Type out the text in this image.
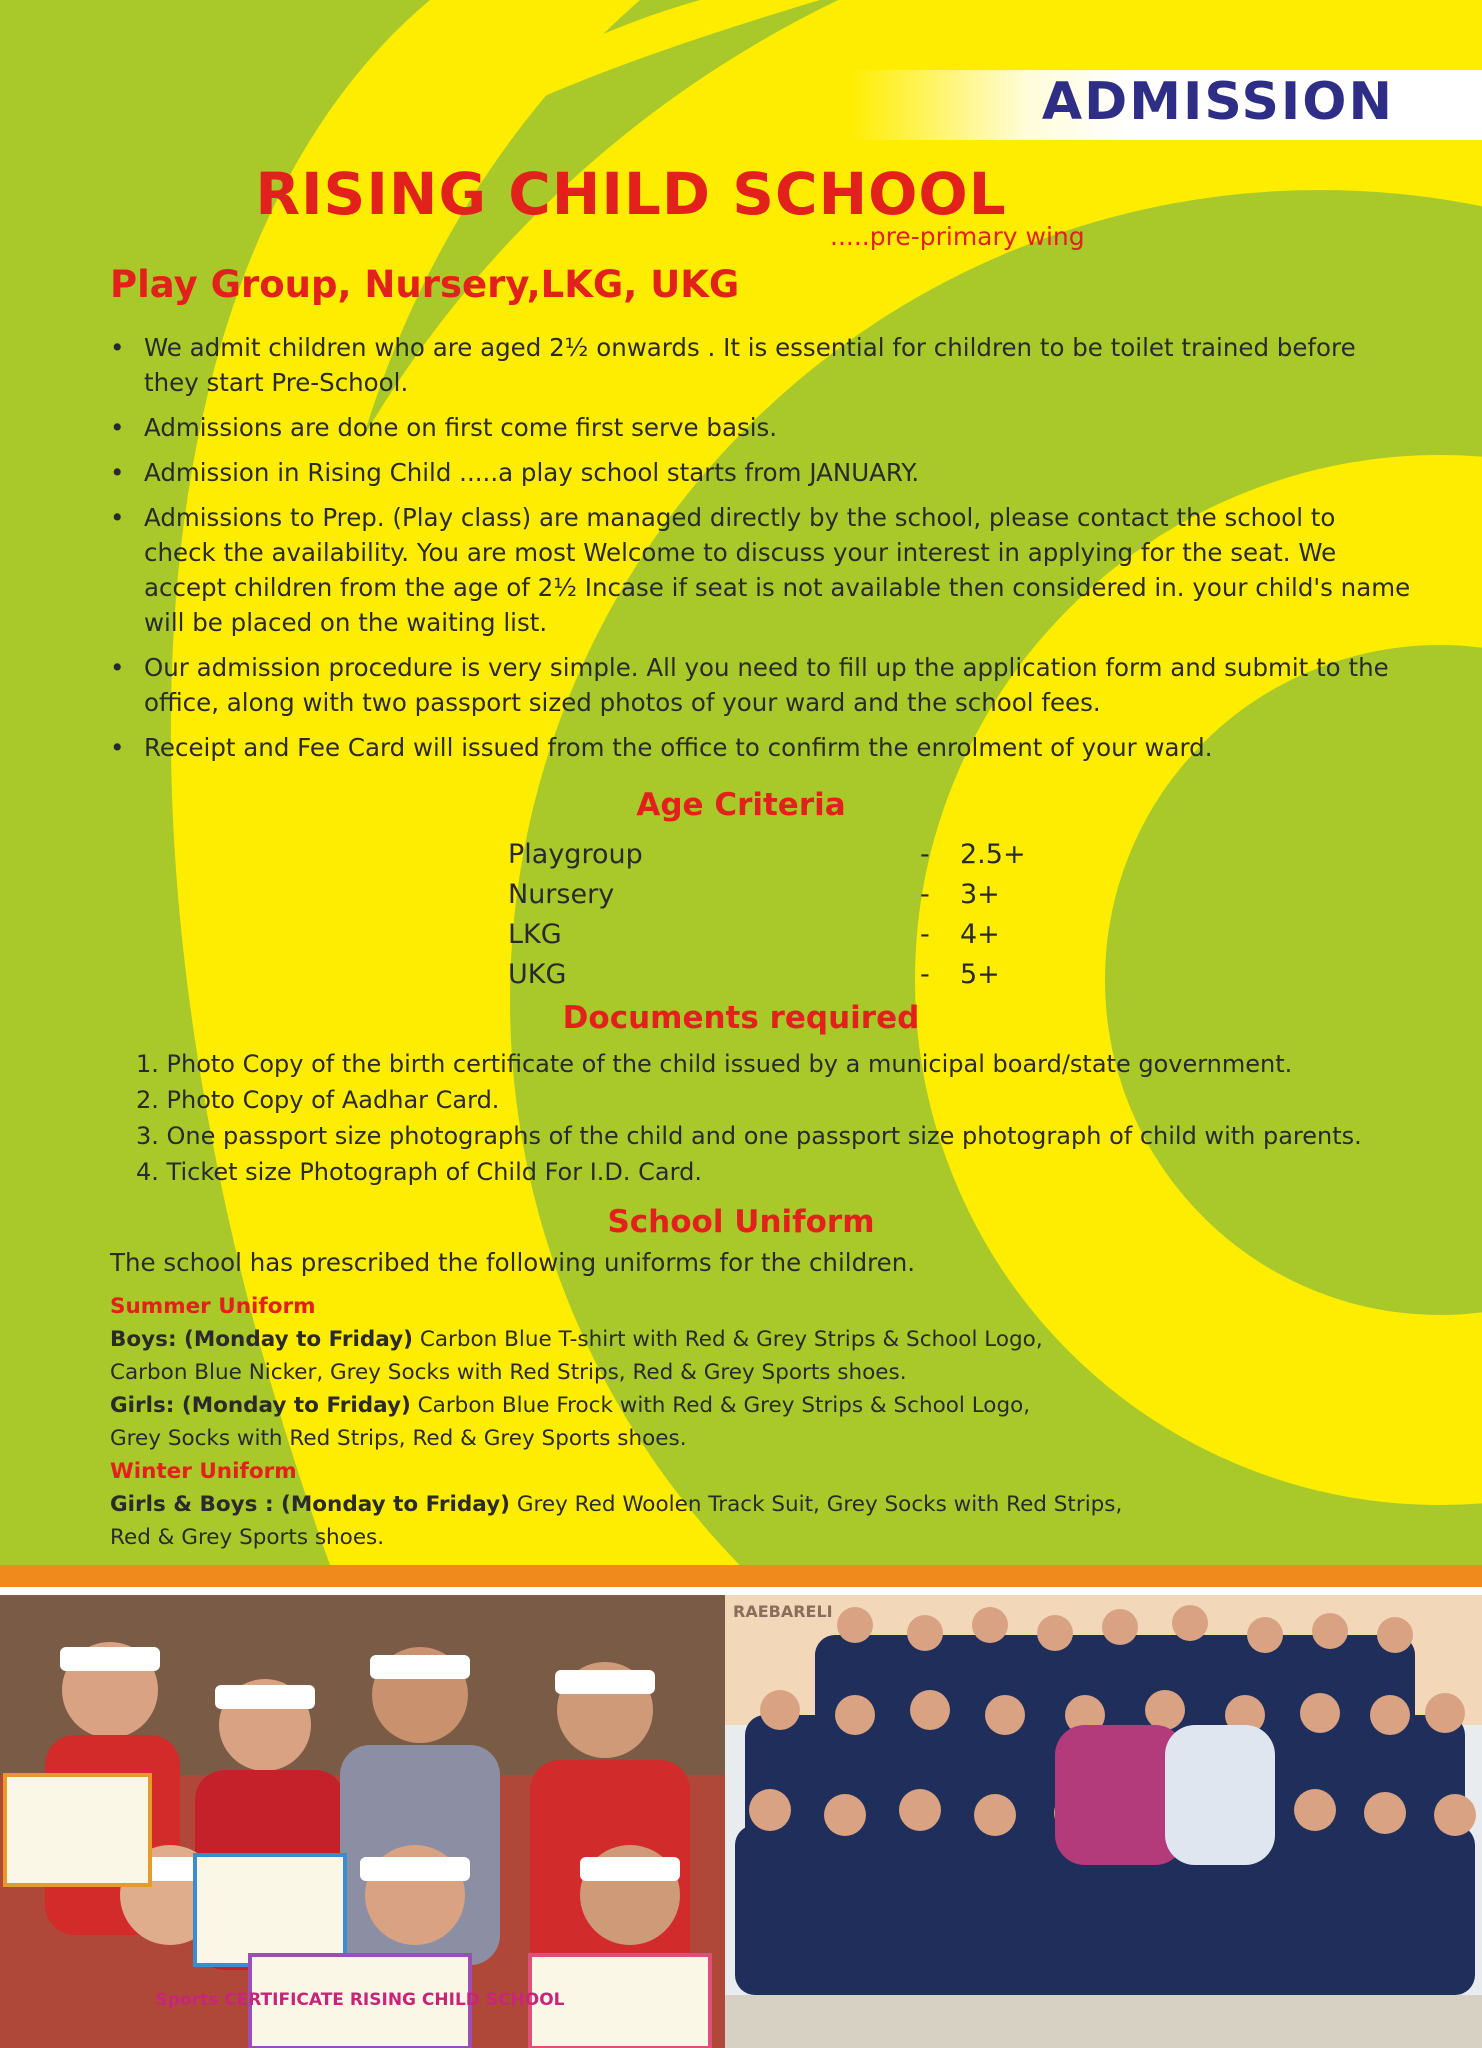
ADMISSION
RISING CHILD SCHOOL
.....pre-primary wing
Play Group, Nursery,LKG, UKG
• We admit children who are aged 2½ onwards . It is essential for children to be toilet trained before they start Pre-School.
• Admissions are done on first come first serve basis.
• Admission in Rising Child .....a play school starts from JANUARY.
• Admissions to Prep. (Play class) are managed directly by the school, please contact the school to check the availability. You are most Welcome to discuss your interest in applying for the seat. We accept children from the age of 2½ Incase if seat is not available then considered in. your child's name will be placed on the waiting list.
• Our admission procedure is very simple. All you need to fill up the application form and submit to the office, along with two passport sized photos of your ward and the school fees.
• Receipt and Fee Card will issued from the office to confirm the enrolment of your ward.
Age Criteria
Playgroup	-	2.5+
Nursery	-	3+
LKG	-	4+
UKG	-	5+
Documents required
1. Photo Copy of the birth certificate of the child issued by a municipal board/state government.
2. Photo Copy of Aadhar Card.
3. One passport size photographs of the child and one passport size photograph of child with parents.
4. Ticket size Photograph of Child For I.D. Card.
School Uniform
The school has prescribed the following uniforms for the children.
Summer Uniform
Boys: (Monday to Friday) Carbon Blue T-shirt with Red & Grey Strips & School Logo,
Carbon Blue Nicker, Grey Socks with Red Strips, Red & Grey Sports shoes.
Girls: (Monday to Friday) Carbon Blue Frock with Red & Grey Strips & School Logo,
Grey Socks with Red Strips, Red & Grey Sports shoes.
Winter Uniform
Girls & Boys : (Monday to Friday) Grey Red Woolen Track Suit, Grey Socks with Red Strips,
Red & Grey Sports shoes.
Sports CERTIFICATE RISING CHILD SCHOOL
RAEBARELI
